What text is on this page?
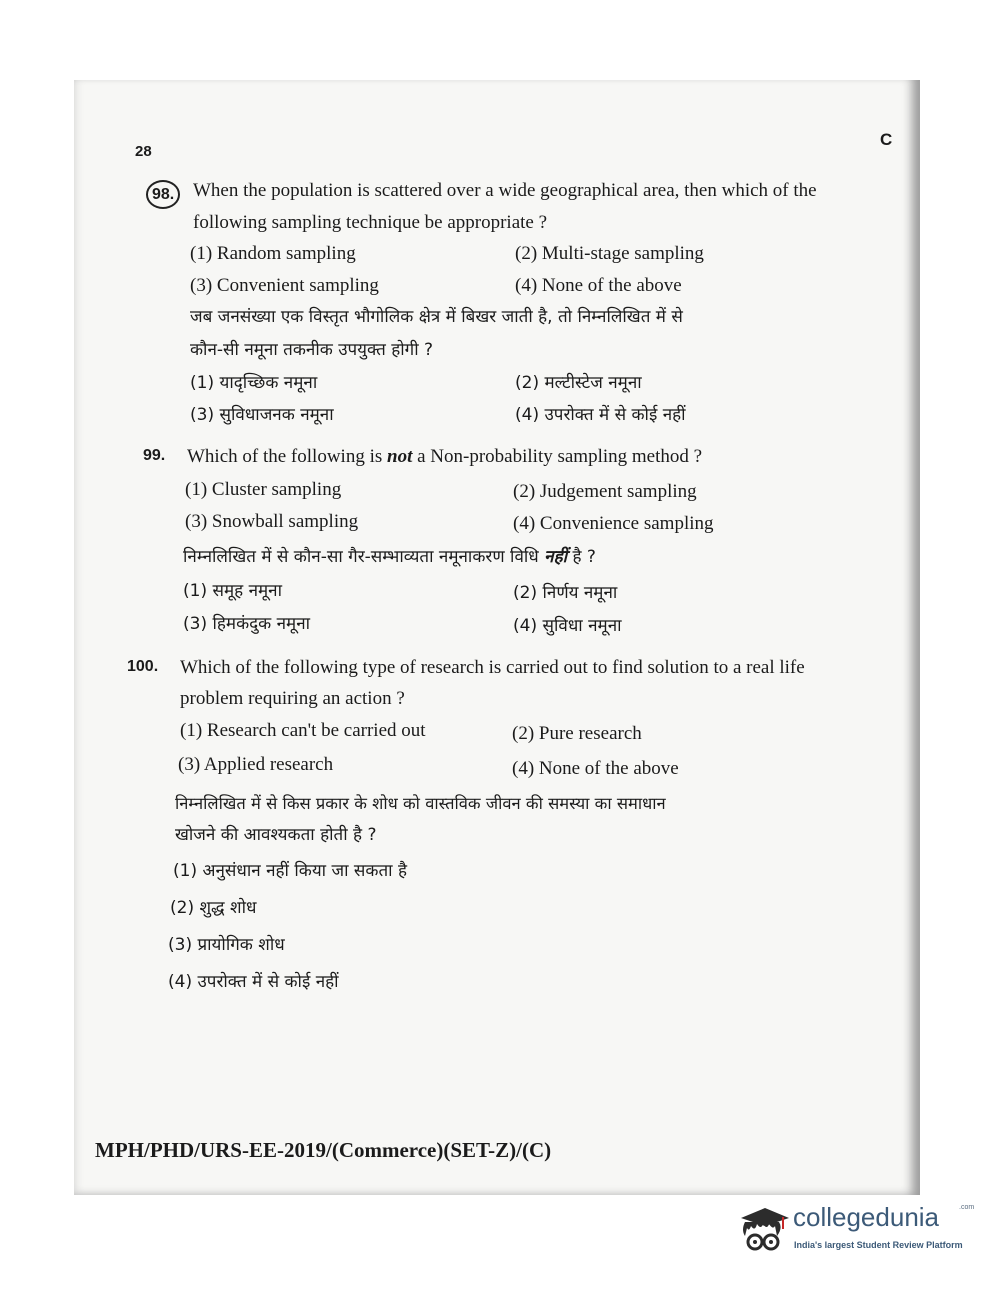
28
C
98. When the population is scattered over a wide geographical area, then which of the
following sampling technique be appropriate ?
(1) Random sampling	(2) Multi-stage sampling
(3) Convenient sampling	(4) None of the above
जब जनसंख्या एक विस्तृत भौगोलिक क्षेत्र में बिखर जाती है, तो निम्नलिखित में से
कौन-सी नमूना तकनीक उपयुक्त होगी ?
(1) यादृच्छिक नमूना	(2) मल्टीस्टेज नमूना
(3) सुविधाजनक नमूना	(4) उपरोक्त में से कोई नहीं
99. Which of the following is not a Non-probability sampling method ?
(1) Cluster sampling	(2) Judgement sampling
(3) Snowball sampling	(4) Convenience sampling
निम्नलिखित में से कौन-सा गैर-सम्भाव्यता नमूनाकरण विधि नहीं है ?
(1) समूह नमूना	(2) निर्णय नमूना
(3) हिमकंदुक नमूना	(4) सुविधा नमूना
100. Which of the following type of research is carried out to find solution to a real life
problem requiring an action ?
(1) Research can't be carried out	(2) Pure research
(3) Applied research	(4) None of the above
निम्नलिखित में से किस प्रकार के शोध को वास्तविक जीवन की समस्या का समाधान
खोजने की आवश्यकता होती है ?
(1) अनुसंधान नहीं किया जा सकता है
(2) शुद्ध शोध
(3) प्रायोगिक शोध
(4) उपरोक्त में से कोई नहीं
MPH/PHD/URS-EE-2019/(Commerce)(SET-Z)/(C)
collegedunia	.com
India's largest Student Review Platform
